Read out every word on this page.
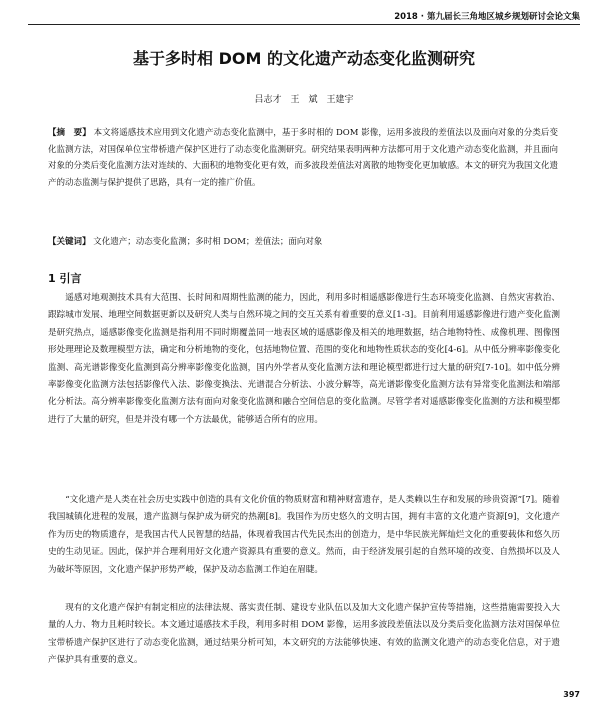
2018 · 第九届长三角地区城乡规划研讨会论文集
基于多时相 DOM 的文化遗产动态变化监测研究
吕志才　王　斌　王建宇
【摘　要】 本文将遥感技术应用到文化遗产动态变化监测中，基于多时相的 DOM 影像，运用多波段的差值法以及面向对象的分类后变化监测方法，对国保单位宝带桥遗产保护区进行了动态变化监测研究。研究结果表明两种方法都可用于文化遗产动态变化监测，并且面向对象的分类后变化监测方法对连续的、大面积的地物变化更有效，而多波段差值法对离散的地物变化更加敏感。本文的研究为我国文化遗产的动态监测与保护提供了思路，具有一定的推广价值。
【关键词】 文化遗产；动态变化监测；多时相 DOM；差值法；面向对象
1 引言
遥感对地观测技术具有大范围、长时间和周期性监测的能力，因此，利用多时相遥感影像进行生态环境变化监测、自然灾害救治、跟踪城市发展、地理空间数据更新以及研究人类与自然环境之间的交互关系有着重要的意义[1-3]。目前利用遥感影像进行遗产变化监测是研究热点，遥感影像变化监测是指利用不同时期覆盖同一地表区域的遥感影像及相关的地理数据，结合地物特性、成像机理、图像图形处理理论及数理模型方法，确定和分析地物的变化，包括地物位置、范围的变化和地物性质状态的变化[4-6]。从中低分辨率影像变化监测、高光谱影像变化监测到高分辨率影像变化监测，国内外学者从变化监测方法和理论模型都进行过大量的研究[7-10]。如中低分辨率影像变化监测方法包括影像代入法、影像变换法、光谱混合分析法、小波分解等，高光谱影像变化监测方法有异常变化监测法和端部化分析法。高分辨率影像变化监测方法有面向对象变化监测和融合空间信息的变化监测。尽管学者对遥感影像变化监测的方法和模型都进行了大量的研究，但是并没有哪一个方法最优，能够适合所有的应用。
“文化遗产是人类在社会历史实践中创造的具有文化价值的物质财富和精神财富遗存，是人类赖以生存和发展的珍贵资源”[7]。随着我国城镇化进程的发展，遗产监测与保护成为研究的热潮[8]。我国作为历史悠久的文明古国，拥有丰富的文化遗产资源[9]，文化遗产作为历史的物质遗存，是我国古代人民智慧的结晶，体现着我国古代先民杰出的创造力，是中华民族光辉灿烂文化的重要载体和悠久历史的生动见证。因此，保护并合理利用好文化遗产资源具有重要的意义。然而，由于经济发展引起的自然环境的改变、自然损坏以及人为破坏等原因，文化遗产保护形势严峻，保护及动态监测工作迫在眉睫。
现有的文化遗产保护有制定相应的法律法规、落实责任制、建设专业队伍以及加大文化遗产保护宣传等措施，这些措施需要投入大量的人力、物力且耗时较长。本文通过遥感技术手段，利用多时相 DOM 影像，运用多波段差值法以及分类后变化监测方法对国保单位宝带桥遗产保护区进行了动态变化监测，通过结果分析可知，本文研究的方法能够快速、有效的监测文化遗产的动态变化信息，对于遗产保护具有重要的意义。
397
